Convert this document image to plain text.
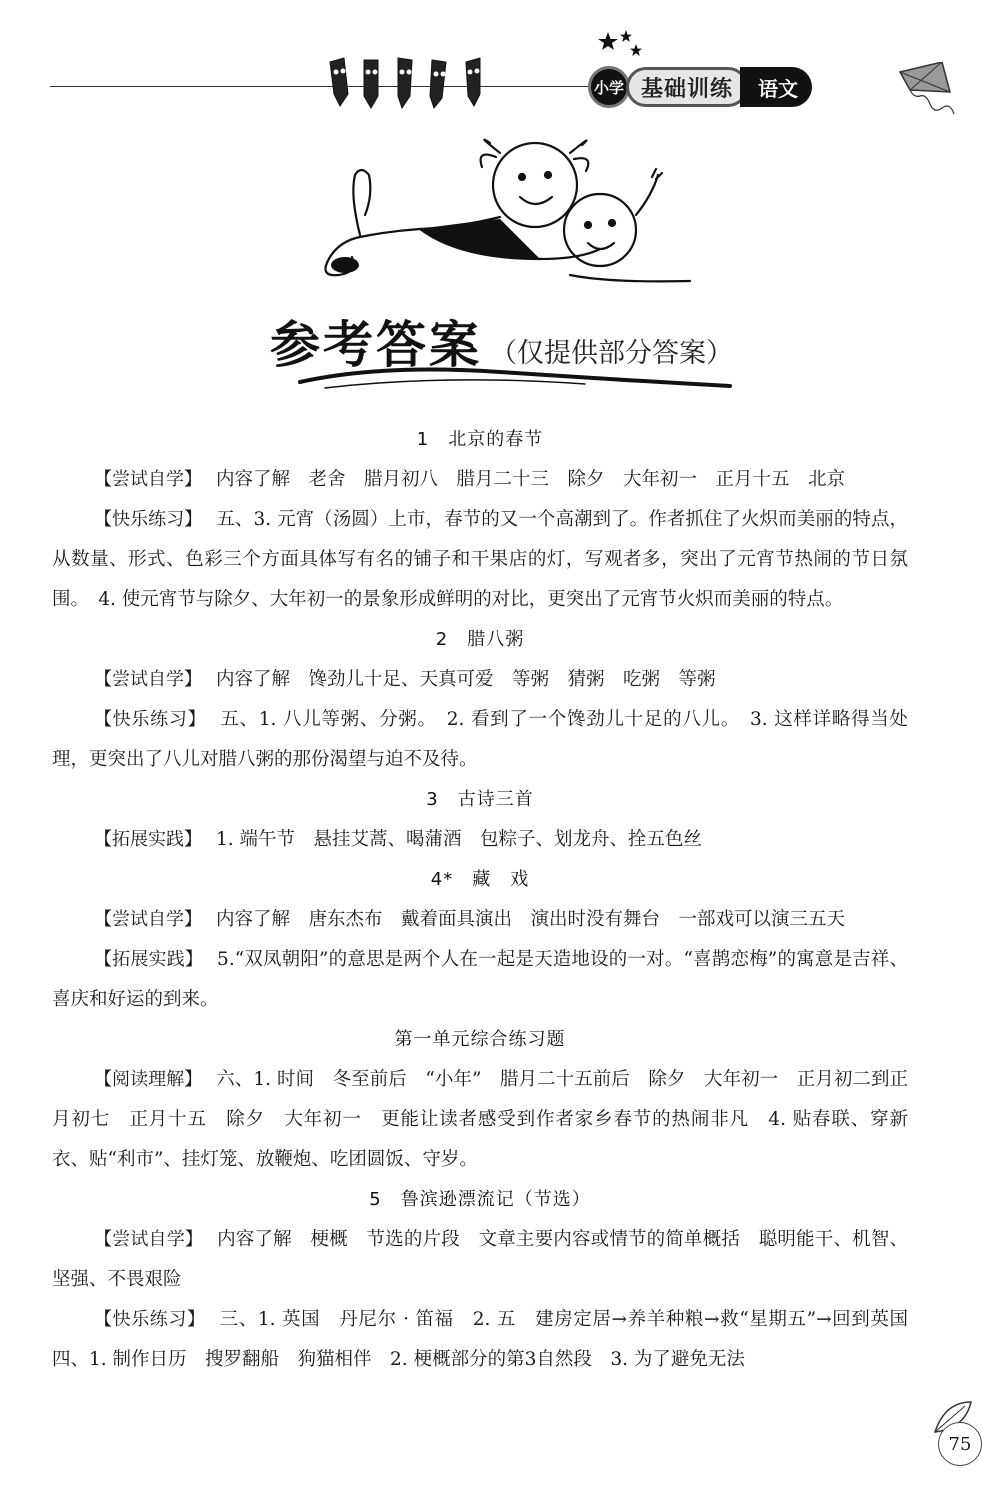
小学 基础训练	语文
参考答案 （仅提供部分答案）
1　北京的春节
【尝试自学】 内容了解　老舍　腊月初八　腊月二十三　除夕　大年初一　正月十五　北京
【快乐练习】 五、3. 元宵（汤圆）上市，春节的又一个高潮到了。作者抓住了火炽而美丽的特点，从数量、形式、色彩三个方面具体写有名的铺子和干果店的灯，写观者多，突出了元宵节热闹的节日氛围。　4. 使元宵节与除夕、大年初一的景象形成鲜明的对比，更突出了元宵节火炽而美丽的特点。
2　腊八粥
【尝试自学】 内容了解　馋劲儿十足、天真可爱　等粥　猜粥　吃粥　等粥
【快乐练习】 五、1. 八儿等粥、分粥。　2. 看到了一个馋劲儿十足的八儿。　3. 这样详略得当处理，更突出了八儿对腊八粥的那份渴望与迫不及待。
3　古诗三首
【拓展实践】 1. 端午节　悬挂艾蒿、喝蒲酒　包粽子、划龙舟、拴五色丝
4*　藏　戏
【尝试自学】 内容了解　唐东杰布　戴着面具演出　演出时没有舞台　一部戏可以演三五天
【拓展实践】 5.“双凤朝阳”的意思是两个人在一起是天造地设的一对。“喜鹊恋梅”的寓意是吉祥、喜庆和好运的到来。
第一单元综合练习题
【阅读理解】 六、1. 时间　冬至前后　“小年”　腊月二十五前后　除夕　大年初一　正月初二到正月初七　正月十五　除夕　大年初一　更能让读者感受到作者家乡春节的热闹非凡　4. 贴春联、穿新衣、贴“利市”、挂灯笼、放鞭炮、吃团圆饭、守岁。
5　鲁滨逊漂流记（节选）
【尝试自学】 内容了解　梗概　节选的片段　文章主要内容或情节的简单概括　聪明能干、机智、坚强、不畏艰险
【快乐练习】 三、1. 英国　丹尼尔 · 笛福　2. 五　建房定居→养羊种粮→救“星期五”→回到英国　四、1. 制作日历　搜罗翻船　狗猫相伴　2. 梗概部分的第3自然段　3. 为了避免无法
75
